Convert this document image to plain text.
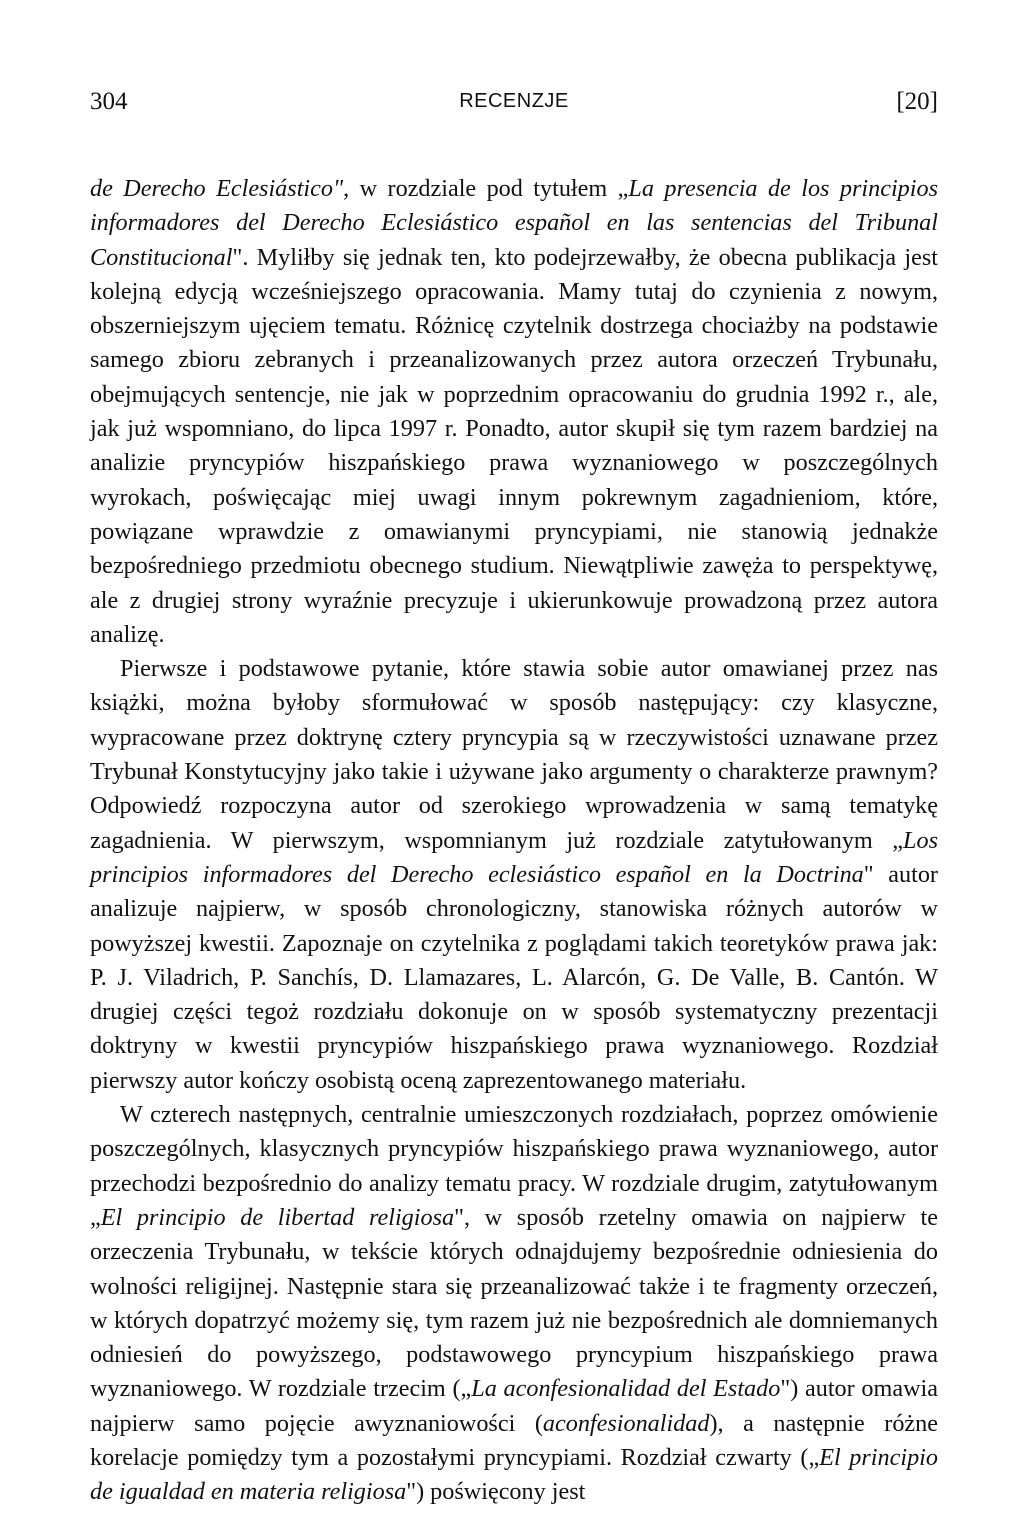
304	RECENZJE	[20]

de Derecho Eclesiástico", w rozdziale pod tytułem „La presencia de los principios informadores del Derecho Eclesiástico español en las sentencias del Tribunal Constitucional". Myliłby się jednak ten, kto podejrzewałby, że obecna publikacja jest kolejną edycją wcześniejszego opracowania. Mamy tutaj do czynienia z nowym, obszerniejszym ujęciem tematu. Różnicę czytelnik dostrzega chociażby na podstawie samego zbioru zebranych i przeanalizowanych przez autora orzeczeń Trybunału, obejmujących sentencje, nie jak w poprzednim opracowaniu do grudnia 1992 r., ale, jak już wspomniano, do lipca 1997 r. Ponadto, autor skupił się tym razem bardziej na analizie pryncypiów hiszpańskiego prawa wyznaniowego w poszczególnych wyrokach, poświęcając miej uwagi innym pokrewnym zagadnieniom, które, powiązane wprawdzie z omawianymi pryncypiami, nie stanowią jednakże bezpośredniego przedmiotu obecnego studium. Niewątpliwie zawęża to perspektywę, ale z drugiej strony wyraźnie precyzuje i ukierunkowuje prowadzoną przez autora analizę.

Pierwsze i podstawowe pytanie, które stawia sobie autor omawianej przez nas książki, można byłoby sformułować w sposób następujący: czy klasyczne, wypracowane przez doktrynę cztery pryncypia są w rzeczywistości uznawane przez Trybunał Konstytucyjny jako takie i używane jako argumenty o charakterze prawnym? Odpowiedź rozpoczyna autor od szerokiego wprowadzenia w samą tematykę zagadnienia. W pierwszym, wspomnianym już rozdziale zatytułowanym „Los principios informadores del Derecho eclesiástico español en la Doctrina" autor analizuje najpierw, w sposób chronologiczny, stanowiska różnych autorów w powyższej kwestii. Zapoznaje on czytelnika z poglądami takich teoretyków prawa jak: P. J. Viladrich, P. Sanchís, D. Llamazares, L. Alarcón, G. De Valle, B. Cantón. W drugiej części tegoż rozdziału dokonuje on w sposób systematyczny prezentacji doktryny w kwestii pryncypiów hiszpańskiego prawa wyznaniowego. Rozdział pierwszy autor kończy osobistą oceną zaprezentowanego materiału.

W czterech następnych, centralnie umieszczonych rozdziałach, poprzez omówienie poszczególnych, klasycznych pryncypiów hiszpańskiego prawa wyznaniowego, autor przechodzi bezpośrednio do analizy tematu pracy. W rozdziale drugim, zatytułowanym „El principio de libertad religiosa", w sposób rzetelny omawia on najpierw te orzeczenia Trybunału, w tekście których odnajdujemy bezpośrednie odniesienia do wolności religijnej. Następnie stara się przeanalizować także i te fragmenty orzeczeń, w których dopatrzyć możemy się, tym razem już nie bezpośrednich ale domniemanych odniesień do powyższego, podstawowego pryncypium hiszpańskiego prawa wyznaniowego. W rozdziale trzecim („La aconfesionalidad del Estado") autor omawia najpierw samo pojęcie awyznaniowości (aconfesionalidad), a następnie różne korelacje pomiędzy tym a pozostałymi pryncypiami. Rozdział czwarty („El principio de igualdad en materia religiosa") poświęcony jest
